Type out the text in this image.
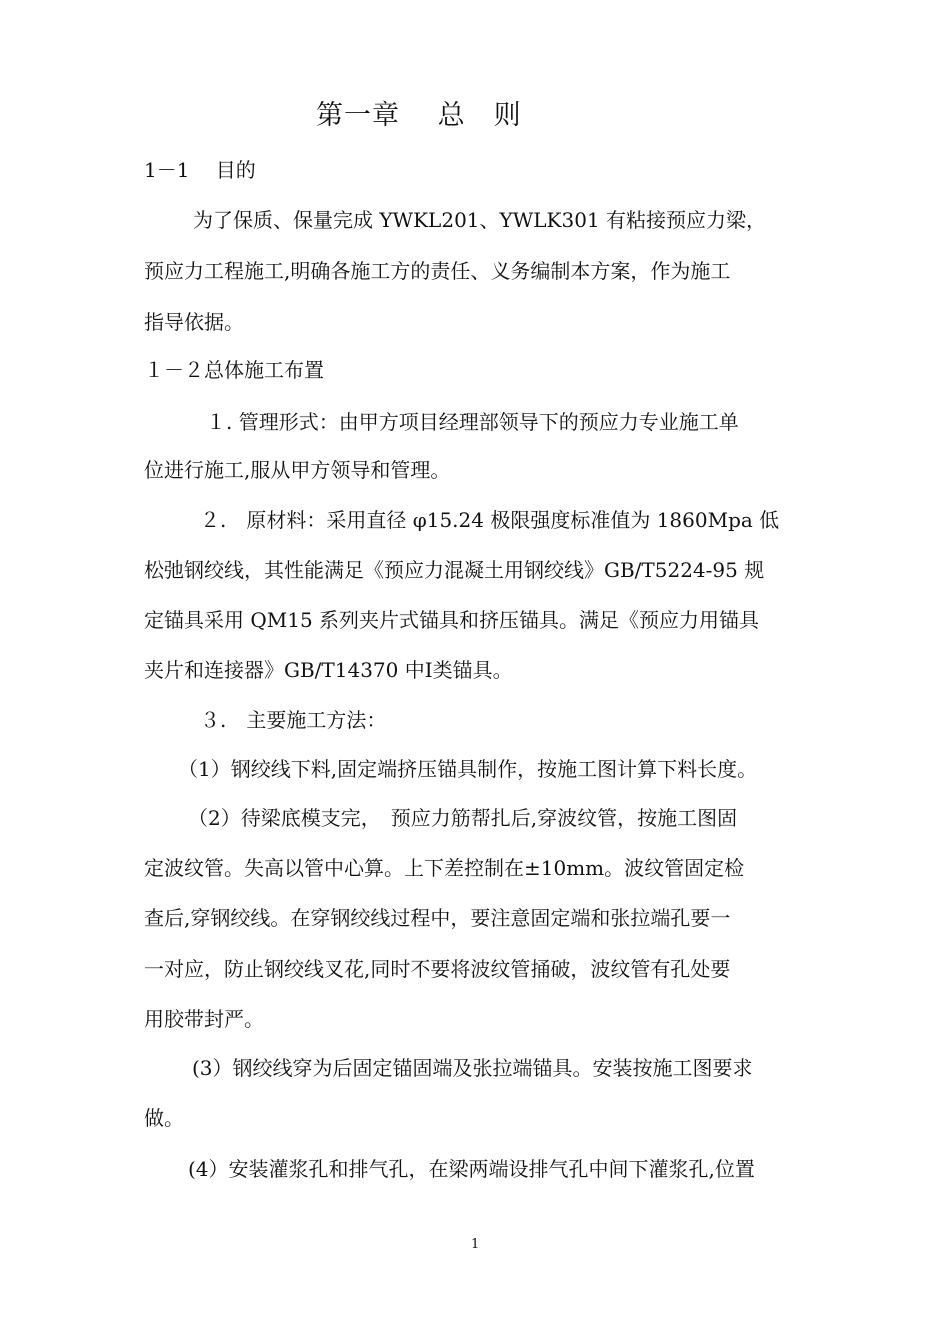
第一章　 总　则
1－1　 目的
为了保质、保量完成 YWKL201、YWLK301 有粘接预应力梁，
预应力工程施工,明确各施工方的责任、义务编制本方案，作为施工
指导依据。
１－２总体施工布置
１. 管理形式：由甲方项目经理部领导下的预应力专业施工单
位进行施工,服从甲方领导和管理。
２.　原材料：采用直径 φ15.24 极限强度标准值为 1860Mpa 低
松弛钢绞线，其性能满足《预应力混凝土用钢绞线》GB/T5224-95 规
定锚具采用 QM15 系列夹片式锚具和挤压锚具。满足《预应力用锚具
夹片和连接器》GB/T14370 中Ⅰ类锚具。
３.　主要施工方法：
（1）钢绞线下料,固定端挤压锚具制作，按施工图计算下料长度。
（2）待梁底模支完，　预应力筋帮扎后,穿波纹管，按施工图固
定波纹管。失高以管中心算。上下差控制在±10mm。波纹管固定检
查后,穿钢绞线。在穿钢绞线过程中，要注意固定端和张拉端孔要一
一对应，防止钢绞线叉花,同时不要将波纹管捅破，波纹管有孔处要
用胶带封严。
(3）钢绞线穿为后固定锚固端及张拉端锚具。安装按施工图要求
做。
(4）安装灌浆孔和排气孔，在梁两端设排气孔中间下灌浆孔,位置
1
